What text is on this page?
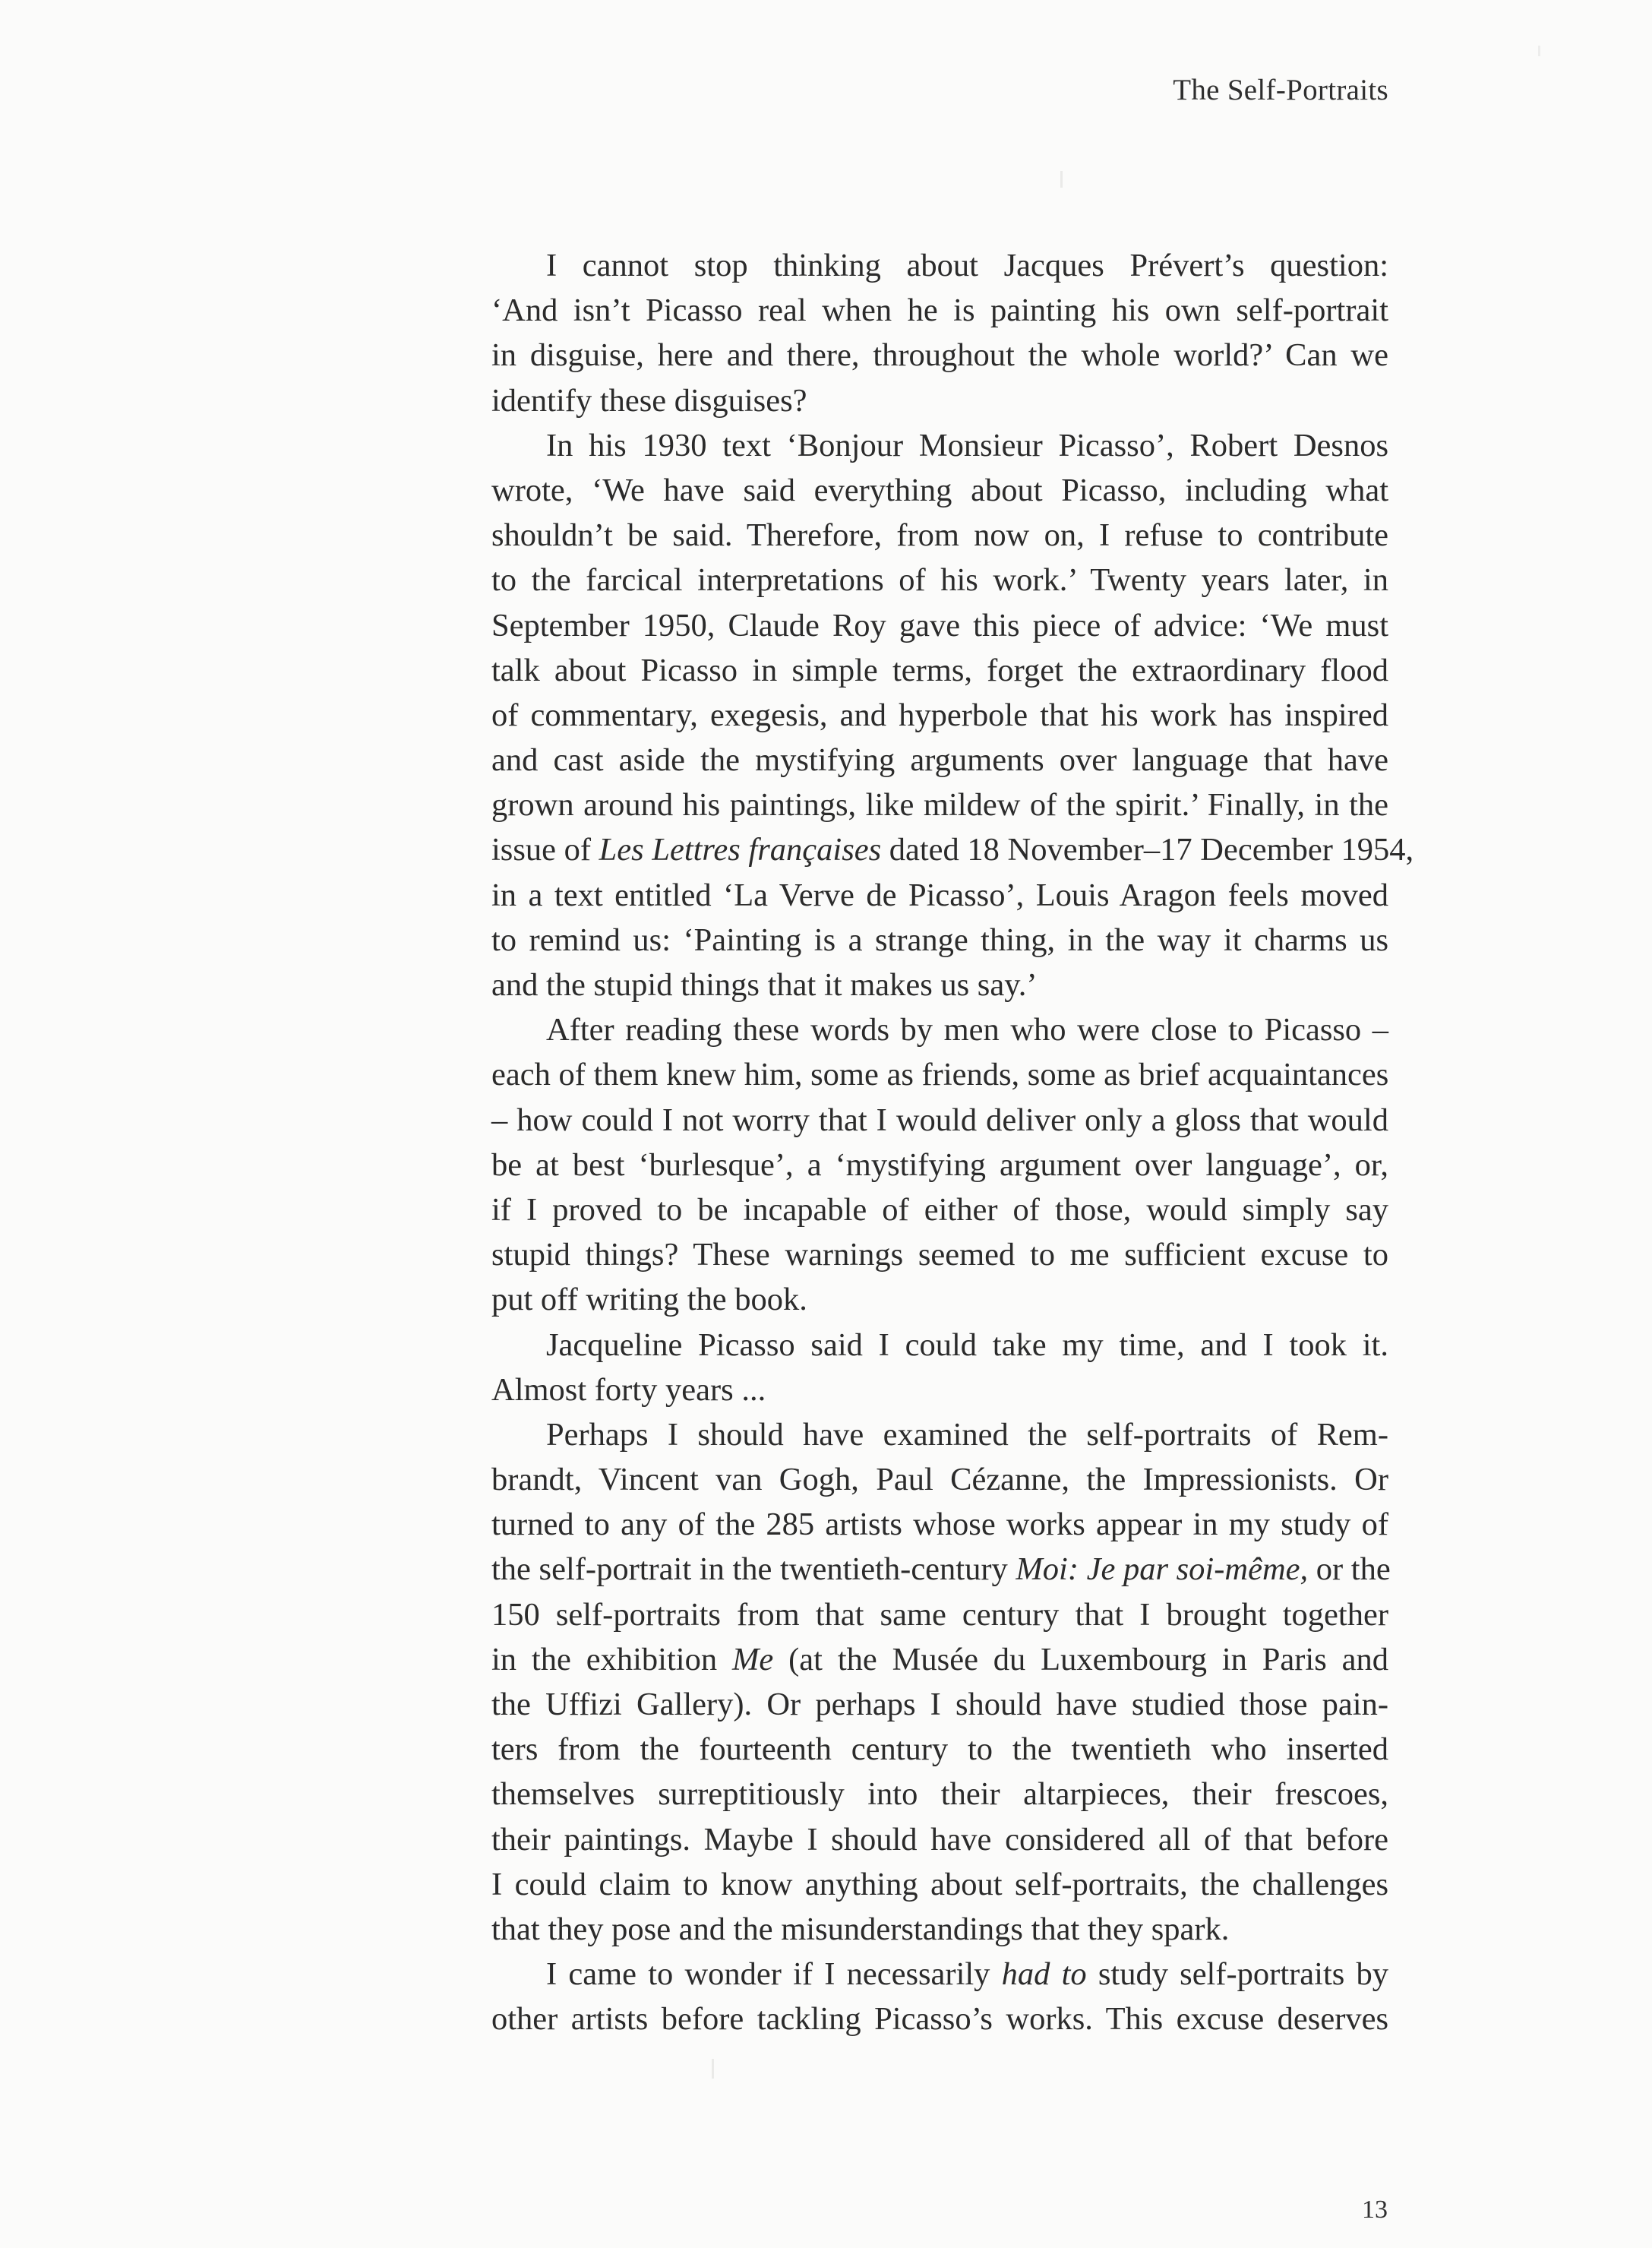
The Self-Portraits
I cannot stop thinking about Jacques Prévert’s question:
‘And isn’t Picasso real when he is painting his own self-portrait
in disguise, here and there, throughout the whole world?’ Can we
identify these disguises?
In his 1930 text ‘Bonjour Monsieur Picasso’, Robert Desnos
wrote, ‘We have said everything about Picasso, including what
shouldn’t be said. Therefore, from now on, I refuse to contribute
to the farcical interpretations of his work.’ Twenty years later, in
September 1950, Claude Roy gave this piece of advice: ‘We must
talk about Picasso in simple terms, forget the extraordinary flood
of commentary, exegesis, and hyperbole that his work has inspired
and cast aside the mystifying arguments over language that have
grown around his paintings, like mildew of the spirit.’ Finally, in the
issue of Les Lettres françaises dated 18 November–17 December 1954,
in a text entitled ‘La Verve de Picasso’, Louis Aragon feels moved
to remind us: ‘Painting is a strange thing, in the way it charms us
and the stupid things that it makes us say.’
After reading these words by men who were close to Picasso –
each of them knew him, some as friends, some as brief acquaintances
– how could I not worry that I would deliver only a gloss that would
be at best ‘burlesque’, a ‘mystifying argument over language’, or,
if I proved to be incapable of either of those, would simply say
stupid things? These warnings seemed to me sufficient excuse to
put off writing the book.
Jacqueline Picasso said I could take my time, and I took it.
Almost forty years ...
Perhaps I should have examined the self-portraits of Rem-
brandt, Vincent van Gogh, Paul Cézanne, the Impressionists. Or
turned to any of the 285 artists whose works appear in my study of
the self-portrait in the twentieth-century Moi: Je par soi-même, or the
150 self-portraits from that same century that I brought together
in the exhibition Me (at the Musée du Luxembourg in Paris and
the Uffizi Gallery). Or perhaps I should have studied those pain-
ters from the fourteenth century to the twentieth who inserted
themselves surreptitiously into their altarpieces, their frescoes,
their paintings. Maybe I should have considered all of that before
I could claim to know anything about self-portraits, the challenges
that they pose and the misunderstandings that they spark.
I came to wonder if I necessarily had to study self-portraits by
other artists before tackling Picasso’s works. This excuse deserves
13
